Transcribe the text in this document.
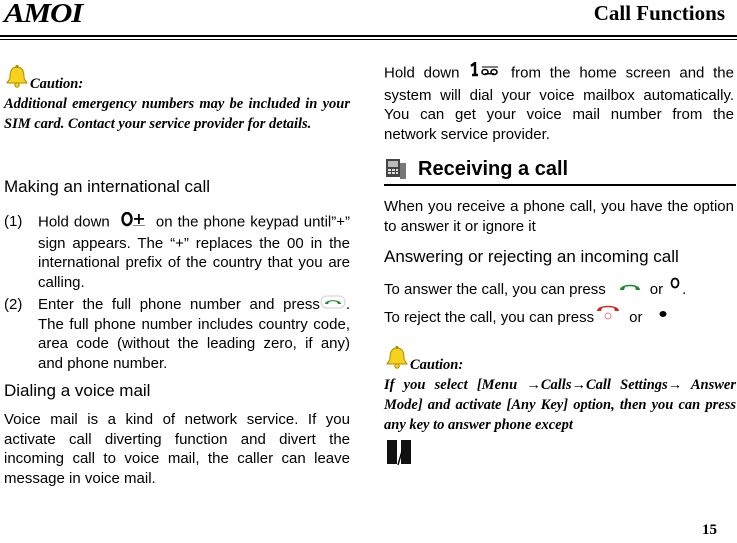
AMOI	Call Functions
Caution:
Additional emergency numbers may be included in your SIM card. Contact your service provider for details.
Making an international call
(1) Hold down	on the phone keypad until”+” sign appears. The “+” replaces the 00 in the international prefix of the country that you are calling.
(2) Enter the full phone number and press . The full phone number includes country code, area code (without the leading zero, if any) and phone number.
Dialing a voice mail
Voice mail is a kind of network service. If you activate call diverting function and divert the incoming call to voice mail, the caller can leave message in voice mail.
Hold down	from the home screen and the system will dial your voice mailbox automatically. You can get your voice mail number from the network service provider.
Receiving a call
When you receive a phone call, you have the option to answer it or ignore it
Answering or rejecting an incoming call
To answer the call, you can press	or .
To reject the call, you can press or
Caution:
If you select [Menu →Calls→Call Settings→ Answer Mode] and activate [Any Key] option, then you can press any key to answer phone except
15
